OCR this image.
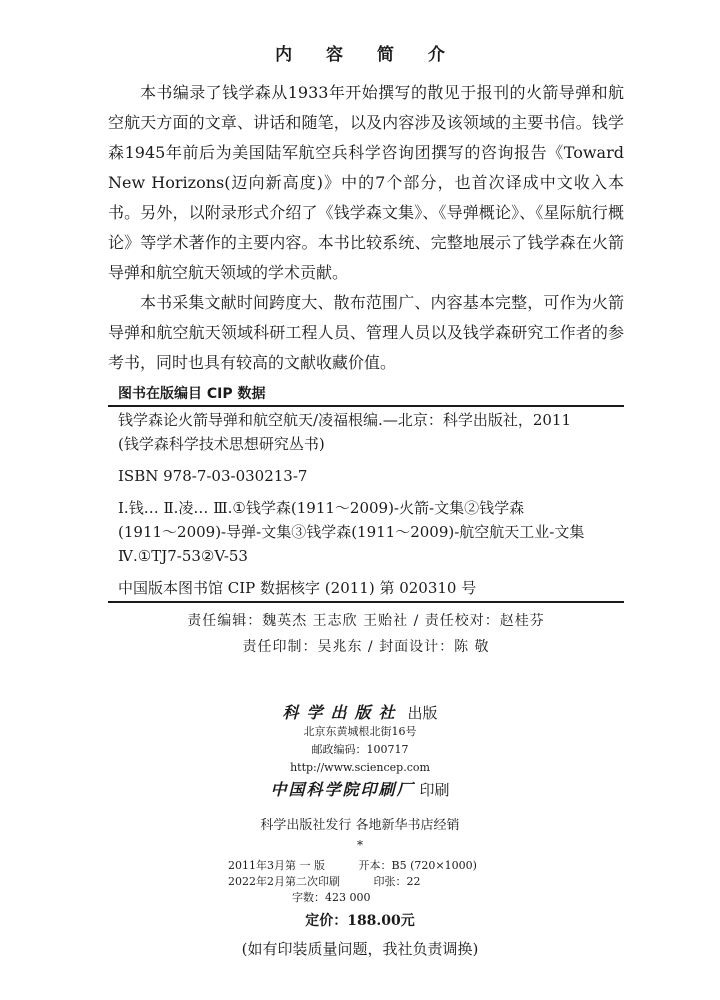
内 容 简 介

本书编录了钱学森从1933年开始撰写的散见于报刊的火箭导弹和航空航天方面的文章、讲话和随笔，以及内容涉及该领域的主要书信。钱学森1945年前后为美国陆军航空兵科学咨询团撰写的咨询报告《Toward New Horizons(迈向新高度)》中的7个部分，也首次译成中文收入本书。另外，以附录形式介绍了《钱学森文集》、《导弹概论》、《星际航行概论》等学术著作的主要内容。本书比较系统、完整地展示了钱学森在火箭导弹和航空航天领域的学术贡献。

本书采集文献时间跨度大、散布范围广、内容基本完整，可作为火箭导弹和航空航天领域科研工程人员、管理人员以及钱学森研究工作者的参考书，同时也具有较高的文献收藏价值。

图书在版编目 CIP 数据
钱学森论火箭导弹和航空航天/凌福根编.—北京：科学出版社，2011
(钱学森科学技术思想研究丛书)
ISBN 978-7-03-030213-7
Ⅰ.钱… Ⅱ.凌… Ⅲ.①钱学森(1911～2009)-火箭-文集②钱学森
(1911～2009)-导弹-文集③钱学森(1911～2009)-航空航天工业-文集
Ⅳ.①TJ7-53②V-53
中国版本图书馆 CIP 数据核字 (2011) 第 020310 号
责任编辑：魏英杰 王志欣 王贻社 / 责任校对：赵桂芬
责任印制：吴兆东 / 封面设计：陈 敬
科学出版社 出版
北京东黄城根北街16号
邮政编码：100717
http://www.sciencep.com
中国科学院印刷厂 印刷
科学出版社发行 各地新华书店经销
*
2011年3月第 一 版	开本：B5 (720×1000)
2022年2月第二次印刷	印张：22
字数：423 000
定价：188.00元
(如有印装质量问题，我社负责调换)
